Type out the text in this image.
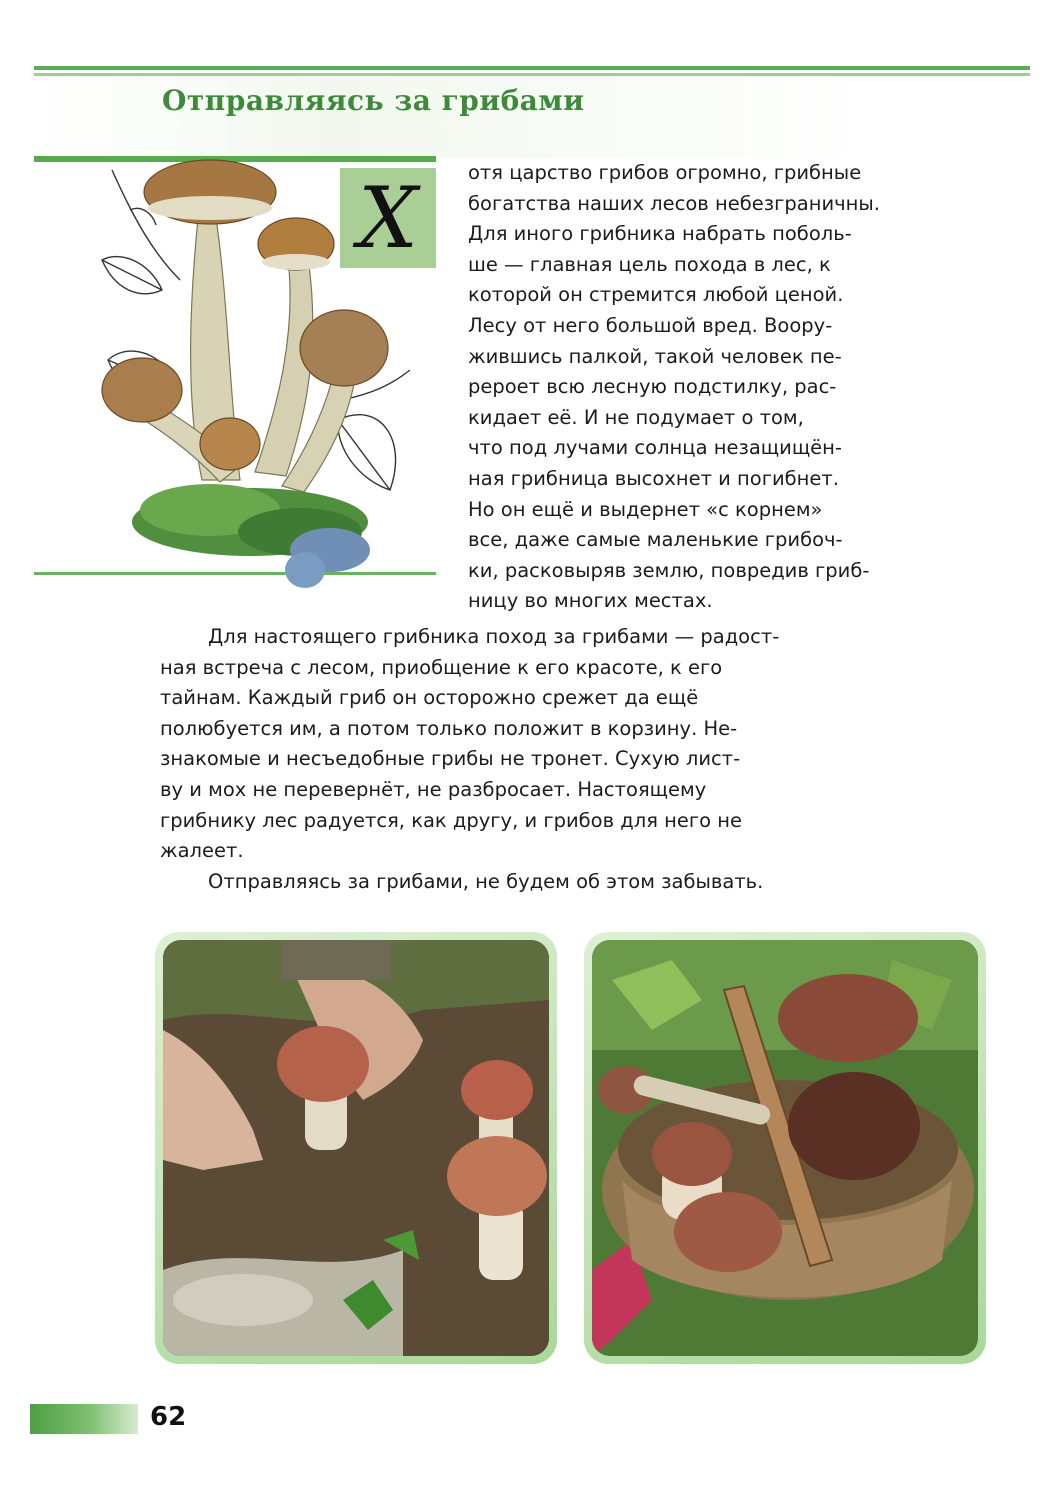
Отправляясь за грибами
Х	отя царство грибов огромно, грибные

богатства наших лесов небезграничны.

Для иного грибника набрать поболь-

ше — главная цель похода в лес, к

которой он стремится любой ценой.

Лесу от него большой вред. Воору-

жившись палкой, такой человек пе-

рероет всю лесную подстилку, рас-

кидает её. И не подумает о том,

что под лучами солнца незащищён-

ная грибница высохнет и погибнет.

Но он ещё и выдернет «с корнем»

все, даже самые маленькие грибоч-

ки, расковыряв землю, повредив гриб-

ницу во многих местах.

Для настоящего грибника поход за грибами — радост-

ная встреча с лесом, приобщение к его красоте, к его

тайнам. Каждый гриб он осторожно срежет да ещё

полюбуется им, а потом только положит в корзину. Не-

знакомые и несъедобные грибы не тронет. Сухую лист-

ву и мох не перевернёт, не разбросает. Настоящему

грибнику лес радуется, как другу, и грибов для него не

жалеет.

Отправляясь за грибами, не будем об этом забывать.

62
